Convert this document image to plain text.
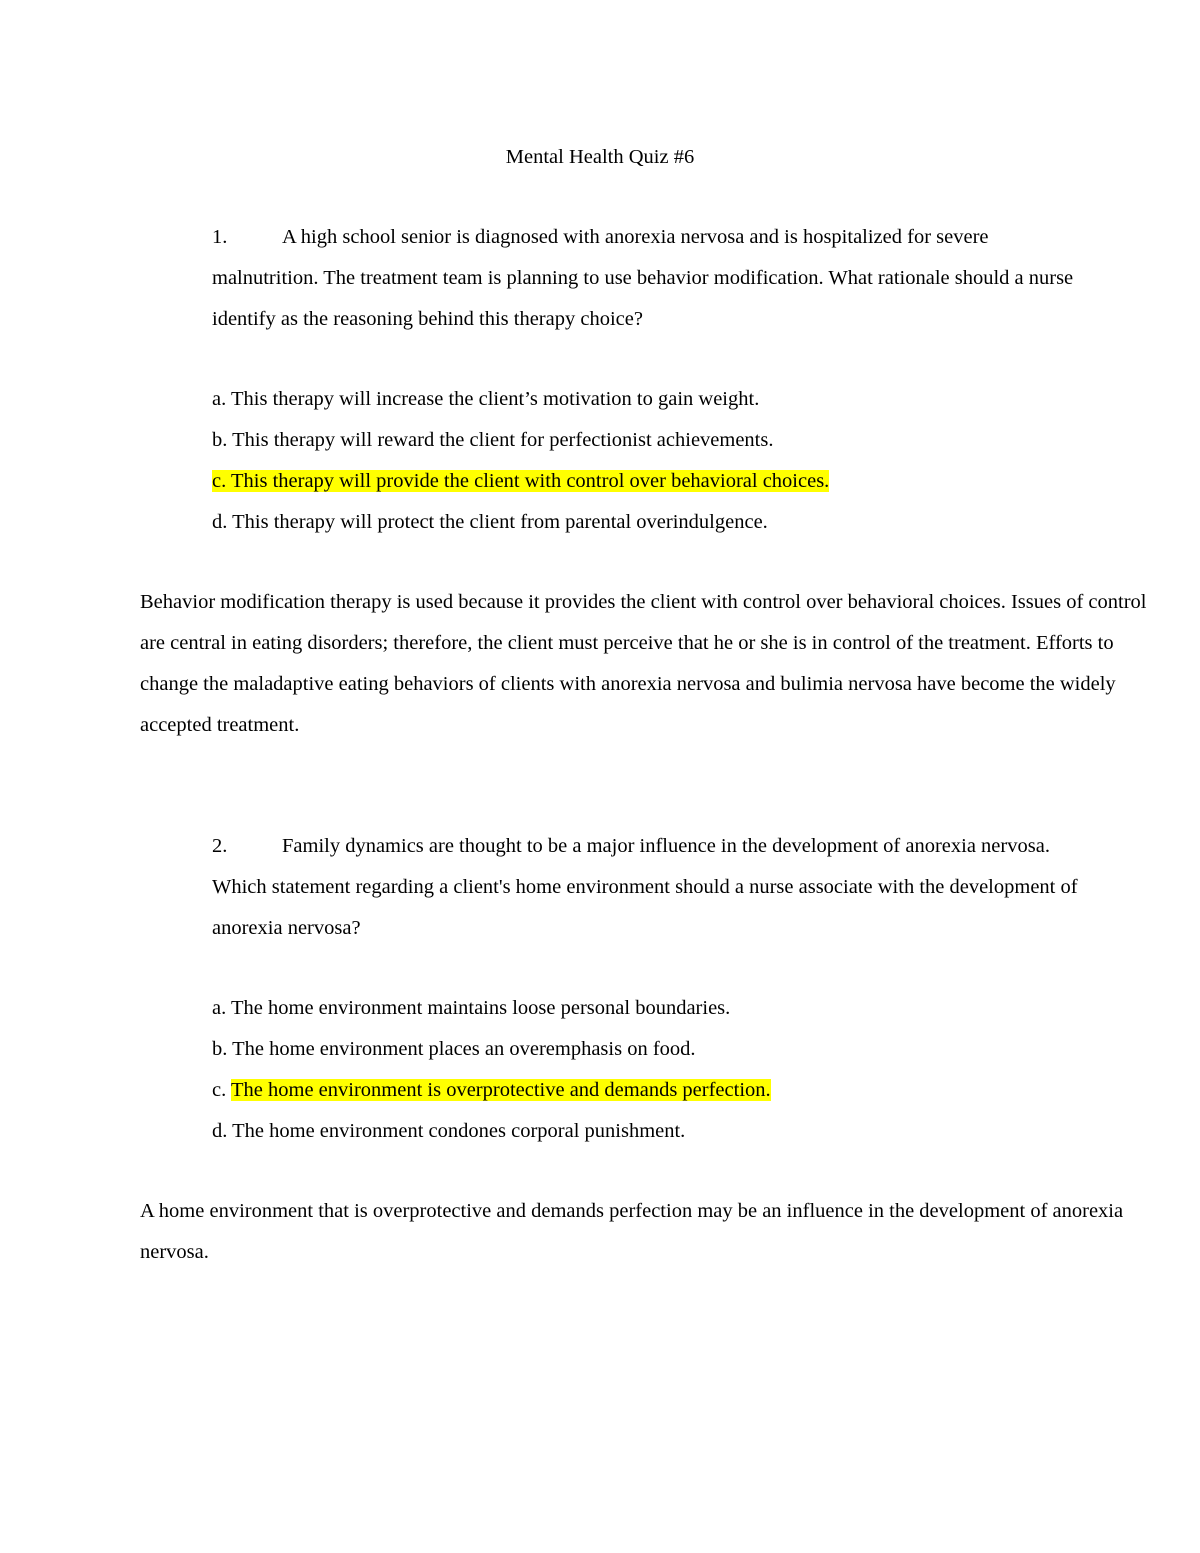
Mental Health Quiz #6
1.	A high school senior is diagnosed with anorexia nervosa and is hospitalized for severe malnutrition. The treatment team is planning to use behavior modification. What rationale should a nurse identify as the reasoning behind this therapy choice?
a. This therapy will increase the client’s motivation to gain weight.
b. This therapy will reward the client for perfectionist achievements.
c. This therapy will provide the client with control over behavioral choices.
d. This therapy will protect the client from parental overindulgence.
Behavior modification therapy is used because it provides the client with control over behavioral choices. Issues of control are central in eating disorders; therefore, the client must perceive that he or she is in control of the treatment. Efforts to change the maladaptive eating behaviors of clients with anorexia nervosa and bulimia nervosa have become the widely accepted treatment.
2.	Family dynamics are thought to be a major influence in the development of anorexia nervosa. Which statement regarding a client's home environment should a nurse associate with the development of anorexia nervosa?
a. The home environment maintains loose personal boundaries.
b. The home environment places an overemphasis on food.
c. The home environment is overprotective and demands perfection.
d. The home environment condones corporal punishment.
A home environment that is overprotective and demands perfection may be an influence in the development of anorexia nervosa.
